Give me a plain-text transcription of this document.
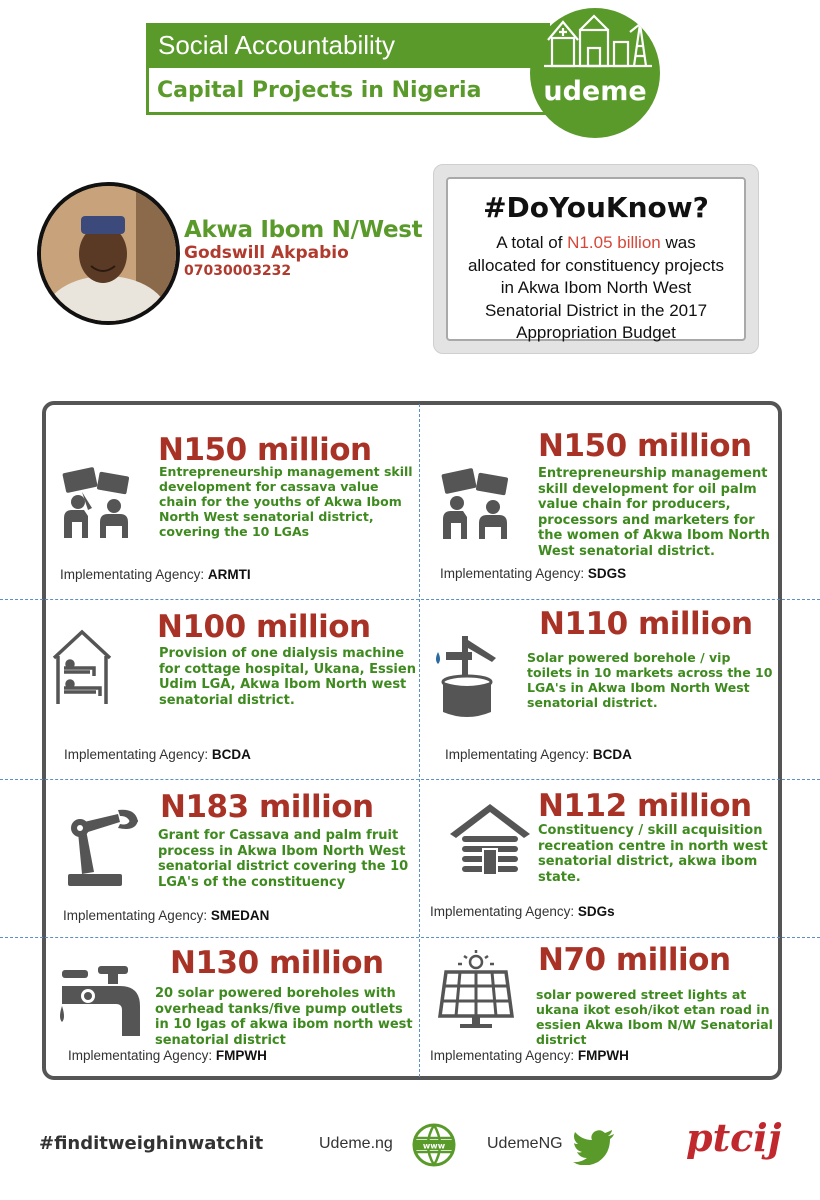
Social Accountability
Capital Projects in Nigeria	udeme
Akwa Ibom N/West
Godswill Akpabio
07030003232
#DoYouKnow?
A total of N1.05 billion was allocated for constituency projects in Akwa Ibom North West Senatorial District in the 2017 Appropriation Budget
N150 million
Entrepreneurship management skill development for cassava value chain for the youths of Akwa Ibom North West senatorial district, covering the 10 LGAs
Implementating Agency: ARMTI
N150 million
Entrepreneurship management skill development for oil palm value chain for producers, processors and marketers for the women of Akwa Ibom North West senatorial district.
Implementating Agency: SDGS
N100 million
Provision of one dialysis machine for cottage hospital, Ukana, Essien Udim LGA, Akwa Ibom North west senatorial district.
Implementating Agency: BCDA
N110 million
Solar powered borehole / vip toilets in 10 markets across the 10 LGA's in Akwa Ibom North West senatorial district.
Implementating Agency: BCDA
N183 million
Grant for Cassava and palm fruit process in Akwa Ibom North West senatorial district covering the 10 LGA's of the constituency
Implementating Agency: SMEDAN
N112 million
Constituency / skill acquisition recreation centre in north west senatorial district, akwa ibom state.
Implementating Agency: SDGs
N130 million
20 solar powered boreholes with overhead tanks/five pump outlets in 10 lgas of akwa ibom north west senatorial district
Implementating Agency: FMPWH
N70 million
solar powered street lights at ukana ikot esoh/ikot etan road in essien Akwa Ibom N/W Senatorial district
Implementating Agency: FMPWH
#finditweighinwatchit	Udeme.ng	www	UdemeNG	ptcij
